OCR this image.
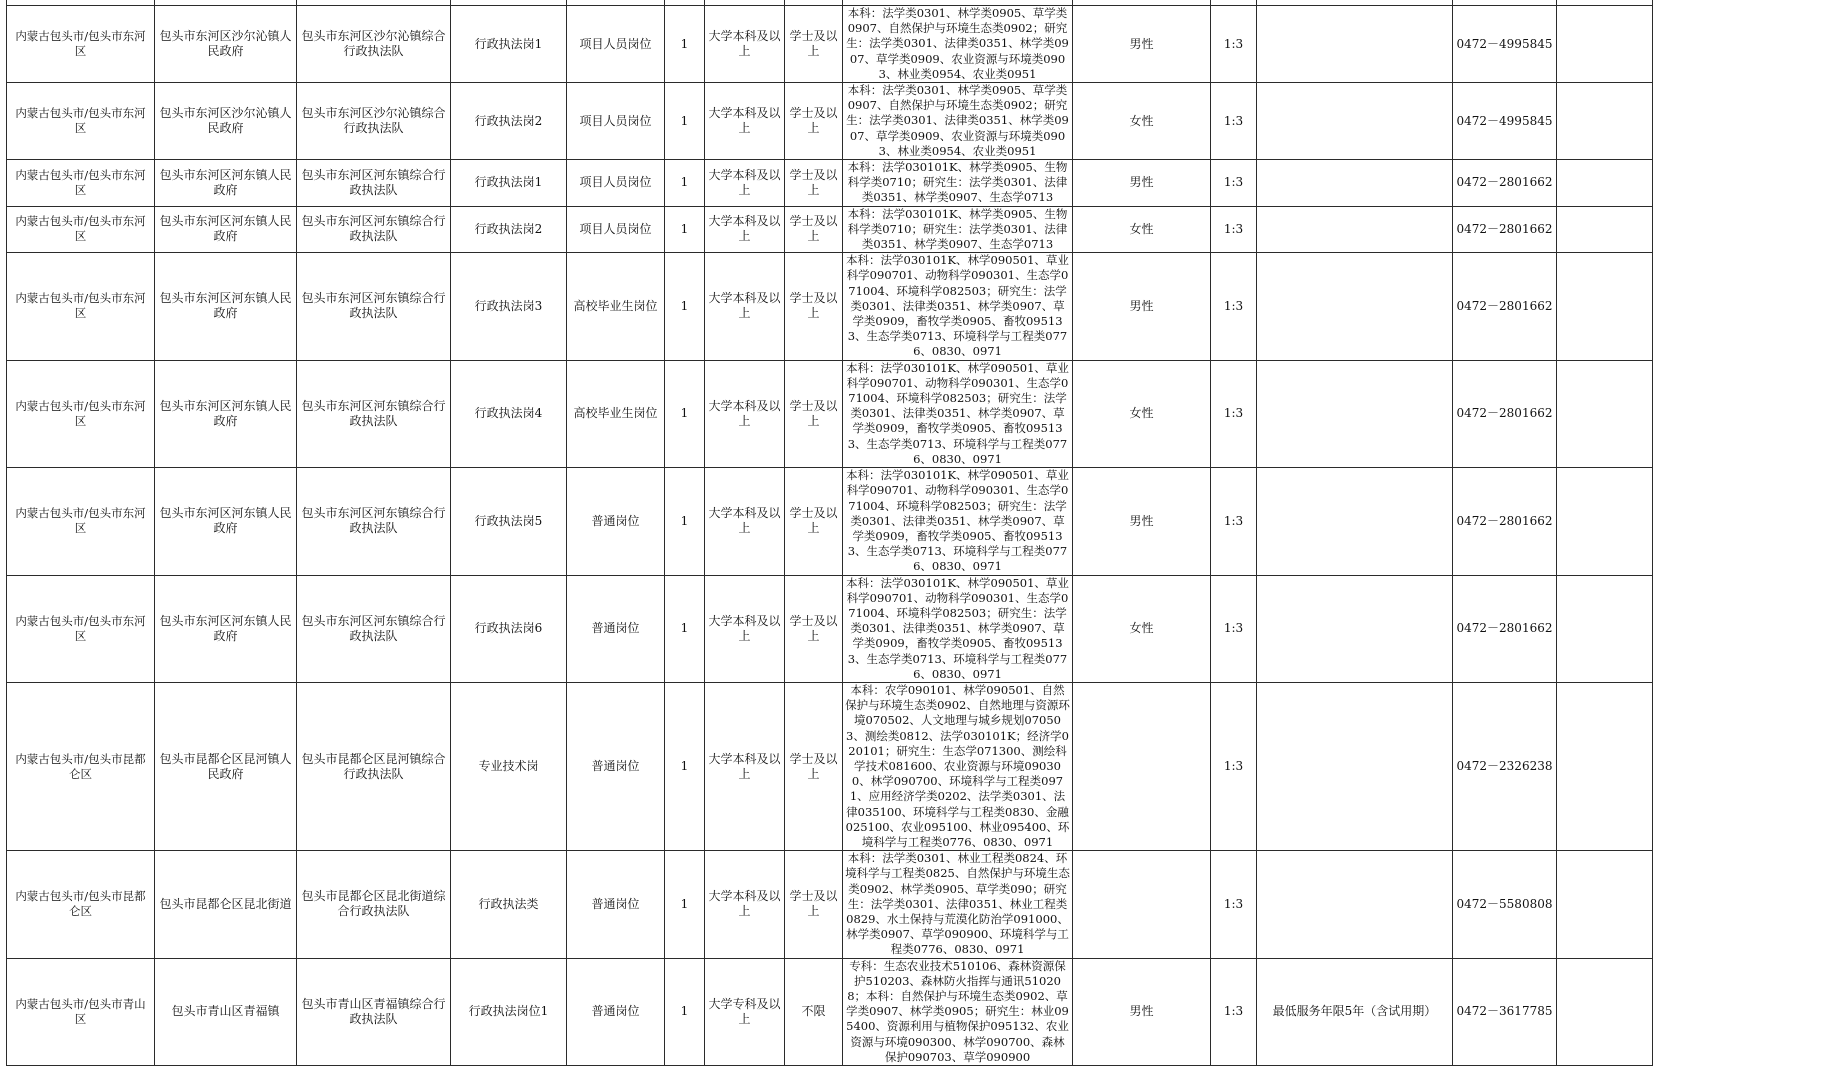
内蒙古包头市/包头市东河区	包头市东河区沙尔沁镇人民政府	包头市东河区沙尔沁镇综合行政执法队	行政执法岗1	项目人员岗位	1	大学本科及以上	学士及以上	本科：法学类0301、林学类0905、草学类0907、自然保护与环境生态类0902；研究生：法学类0301、法律类0351、林学类0907、草学类0909、农业资源与环境类0903、林业类0954、农业类0951	男性	1:3		0472－4995845	
内蒙古包头市/包头市东河区	包头市东河区沙尔沁镇人民政府	包头市东河区沙尔沁镇综合行政执法队	行政执法岗2	项目人员岗位	1	大学本科及以上	学士及以上	本科：法学类0301、林学类0905、草学类0907、自然保护与环境生态类0902；研究生：法学类0301、法律类0351、林学类0907、草学类0909、农业资源与环境类0903、林业类0954、农业类0951	女性	1:3		0472－4995845	
内蒙古包头市/包头市东河区	包头市东河区河东镇人民政府	包头市东河区河东镇综合行政执法队	行政执法岗1	项目人员岗位	1	大学本科及以上	学士及以上	本科：法学030101K、林学类0905、生物科学类0710；研究生：法学类0301、法律类0351、林学类0907、生态学0713	男性	1:3		0472－2801662	
内蒙古包头市/包头市东河区	包头市东河区河东镇人民政府	包头市东河区河东镇综合行政执法队	行政执法岗2	项目人员岗位	1	大学本科及以上	学士及以上	本科：法学030101K、林学类0905、生物科学类0710；研究生：法学类0301、法律类0351、林学类0907、生态学0713	女性	1:3		0472－2801662	
内蒙古包头市/包头市东河区	包头市东河区河东镇人民政府	包头市东河区河东镇综合行政执法队	行政执法岗3	高校毕业生岗位	1	大学本科及以上	学士及以上	本科：法学030101K、林学090501、草业科学090701、动物科学090301、生态学071004、环境科学082503；研究生：法学类0301、法律类0351、林学类0907、草学类0909，畜牧学类0905、畜牧095133、生态学类0713、环境科学与工程类0776、0830、0971	男性	1:3		0472－2801662	
内蒙古包头市/包头市东河区	包头市东河区河东镇人民政府	包头市东河区河东镇综合行政执法队	行政执法岗4	高校毕业生岗位	1	大学本科及以上	学士及以上	本科：法学030101K、林学090501、草业科学090701、动物科学090301、生态学071004、环境科学082503；研究生：法学类0301、法律类0351、林学类0907、草学类0909，畜牧学类0905、畜牧095133、生态学类0713、环境科学与工程类0776、0830、0971	女性	1:3		0472－2801662	
内蒙古包头市/包头市东河区	包头市东河区河东镇人民政府	包头市东河区河东镇综合行政执法队	行政执法岗5	普通岗位	1	大学本科及以上	学士及以上	本科：法学030101K、林学090501、草业科学090701、动物科学090301、生态学071004、环境科学082503；研究生：法学类0301、法律类0351、林学类0907、草学类0909，畜牧学类0905、畜牧095133、生态学类0713、环境科学与工程类0776、0830、0971	男性	1:3		0472－2801662	
内蒙古包头市/包头市东河区	包头市东河区河东镇人民政府	包头市东河区河东镇综合行政执法队	行政执法岗6	普通岗位	1	大学本科及以上	学士及以上	本科：法学030101K、林学090501、草业科学090701、动物科学090301、生态学071004、环境科学082503；研究生：法学类0301、法律类0351、林学类0907、草学类0909，畜牧学类0905、畜牧095133、生态学类0713、环境科学与工程类0776、0830、0971	女性	1:3		0472－2801662	
内蒙古包头市/包头市昆都仑区	包头市昆都仑区昆河镇人民政府	包头市昆都仑区昆河镇综合行政执法队	专业技术岗	普通岗位	1	大学本科及以上	学士及以上	本科：农学090101、林学090501、自然保护与环境生态类0902、自然地理与资源环境070502、人文地理与城乡规划070503、测绘类0812、法学030101K；经济学020101；研究生：生态学071300、测绘科学技术081600、农业资源与环境090300、林学090700、环境科学与工程类0971、应用经济学类0202、法学类0301、法律035100、环境科学与工程类0830、金融025100、农业095100、林业095400、环境科学与工程类0776、0830、0971		1:3		0472－2326238	
内蒙古包头市/包头市昆都仑区	包头市昆都仑区昆北街道	包头市昆都仑区昆北街道综合行政执法队	行政执法类	普通岗位	1	大学本科及以上	学士及以上	本科：法学类0301、林业工程类0824、环境科学与工程类0825、自然保护与环境生态类0902、林学类0905、草学类090；研究生：法学类0301、法律0351、林业工程类0829、水土保持与荒漠化防治学091000、林学类0907、草学090900、环境科学与工程类0776、0830、0971		1:3		0472－5580808	
内蒙古包头市/包头市青山区	包头市青山区青福镇	包头市青山区青福镇综合行政执法队	行政执法岗位1	普通岗位	1	大学专科及以上	不限	专科：生态农业技术510106、森林资源保护510203、森林防火指挥与通讯510208；本科：自然保护与环境生态类0902、草学类0907、林学类0905；研究生：林业095400、资源利用与植物保护095132、农业资源与环境090300、林学090700、森林保护090703、草学090900	男性	1:3	最低服务年限5年（含试用期）	0472－3617785	
